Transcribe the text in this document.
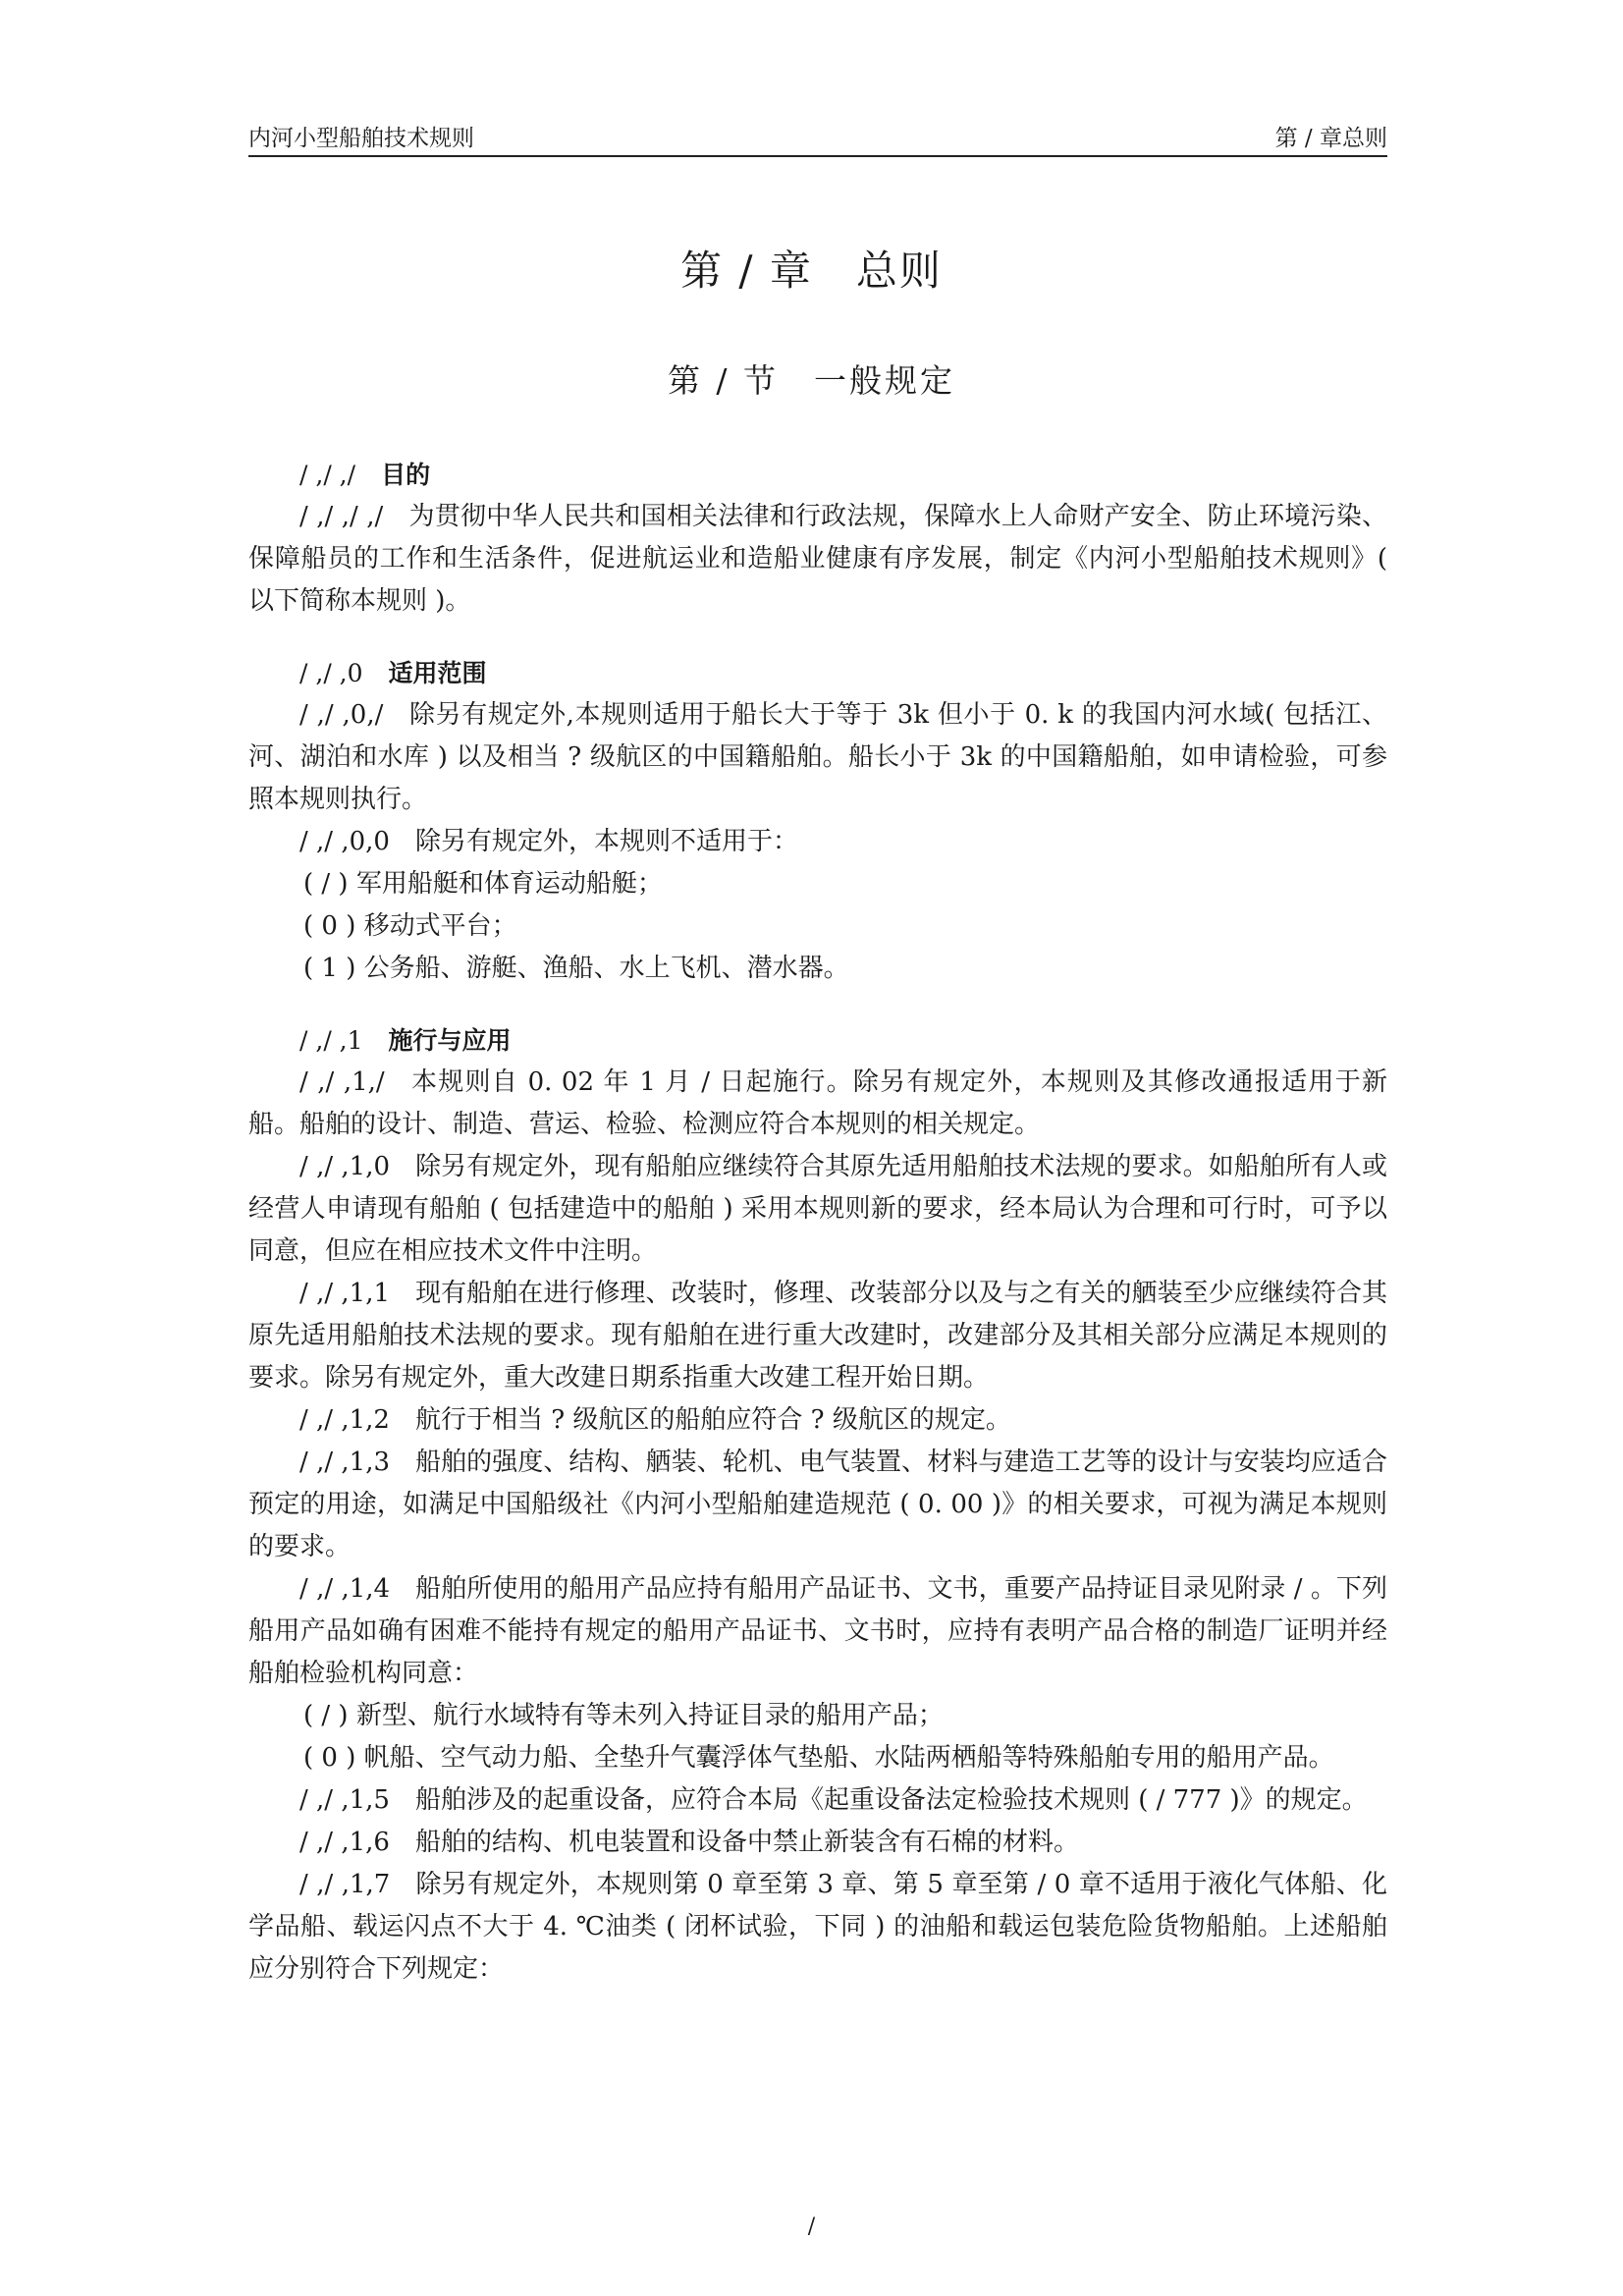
内河小型船舶技术规则	第 / 章总则
第 / 章　总则
第 / 节　一般规定
/ ,/ ,/ 目的

/ ,/ ,/ ,/ 为贯彻中华人民共和国相关法律和行政法规，保障水上人命财产安全、防止环境污染、保障船员的工作和生活条件，促进航运业和造船业健康有序发展，制定《内河小型船舶技术规则》( 以下简称本规则 )。

/ ,/ ,0 适用范围

/ ,/ ,0,/ 除另有规定外,本规则适用于船长大于等于 3k 但小于 0. k 的我国内河水域( 包括江、河、湖泊和水库 ) 以及相当 ? 级航区的中国籍船舶。船长小于 3k 的中国籍船舶，如申请检验，可参照本规则执行。

/ ,/ ,0,0 除另有规定外，本规则不适用于：

( / ) 军用船艇和体育运动船艇；

( 0 ) 移动式平台；

( 1 ) 公务船、游艇、渔船、水上飞机、潜水器。

/ ,/ ,1 施行与应用

/ ,/ ,1,/ 本规则自 0. 02 年 1 月 / 日起施行。除另有规定外，本规则及其修改通报适用于新船。船舶的设计、制造、营运、检验、检测应符合本规则的相关规定。

/ ,/ ,1,0 除另有规定外，现有船舶应继续符合其原先适用船舶技术法规的要求。如船舶所有人或经营人申请现有船舶 ( 包括建造中的船舶 ) 采用本规则新的要求，经本局认为合理和可行时，可予以同意，但应在相应技术文件中注明。

/ ,/ ,1,1 现有船舶在进行修理、改装时，修理、改装部分以及与之有关的舾装至少应继续符合其原先适用船舶技术法规的要求。现有船舶在进行重大改建时，改建部分及其相关部分应满足本规则的要求。除另有规定外，重大改建日期系指重大改建工程开始日期。

/ ,/ ,1,2 航行于相当 ? 级航区的船舶应符合 ? 级航区的规定。

/ ,/ ,1,3 船舶的强度、结构、舾装、轮机、电气装置、材料与建造工艺等的设计与安装均应适合预定的用途，如满足中国船级社《内河小型船舶建造规范 ( 0. 00 )》的相关要求，可视为满足本规则的要求。

/ ,/ ,1,4 船舶所使用的船用产品应持有船用产品证书、文书，重要产品持证目录见附录 / 。下列船用产品如确有困难不能持有规定的船用产品证书、文书时，应持有表明产品合格的制造厂证明并经船舶检验机构同意：

( / ) 新型、航行水域特有等未列入持证目录的船用产品；

( 0 ) 帆船、空气动力船、全垫升气囊浮体气垫船、水陆两栖船等特殊船舶专用的船用产品。

/ ,/ ,1,5 船舶涉及的起重设备，应符合本局《起重设备法定检验技术规则 ( / 777 )》的规定。

/ ,/ ,1,6 船舶的结构、机电装置和设备中禁止新装含有石棉的材料。

/ ,/ ,1,7 除另有规定外，本规则第 0 章至第 3 章、第 5 章至第 / 0 章不适用于液化气体船、化学品船、载运闪点不大于 4. ℃油类 ( 闭杯试验，下同 ) 的油船和载运包装危险货物船舶。上述船舶应分别符合下列规定：

/
